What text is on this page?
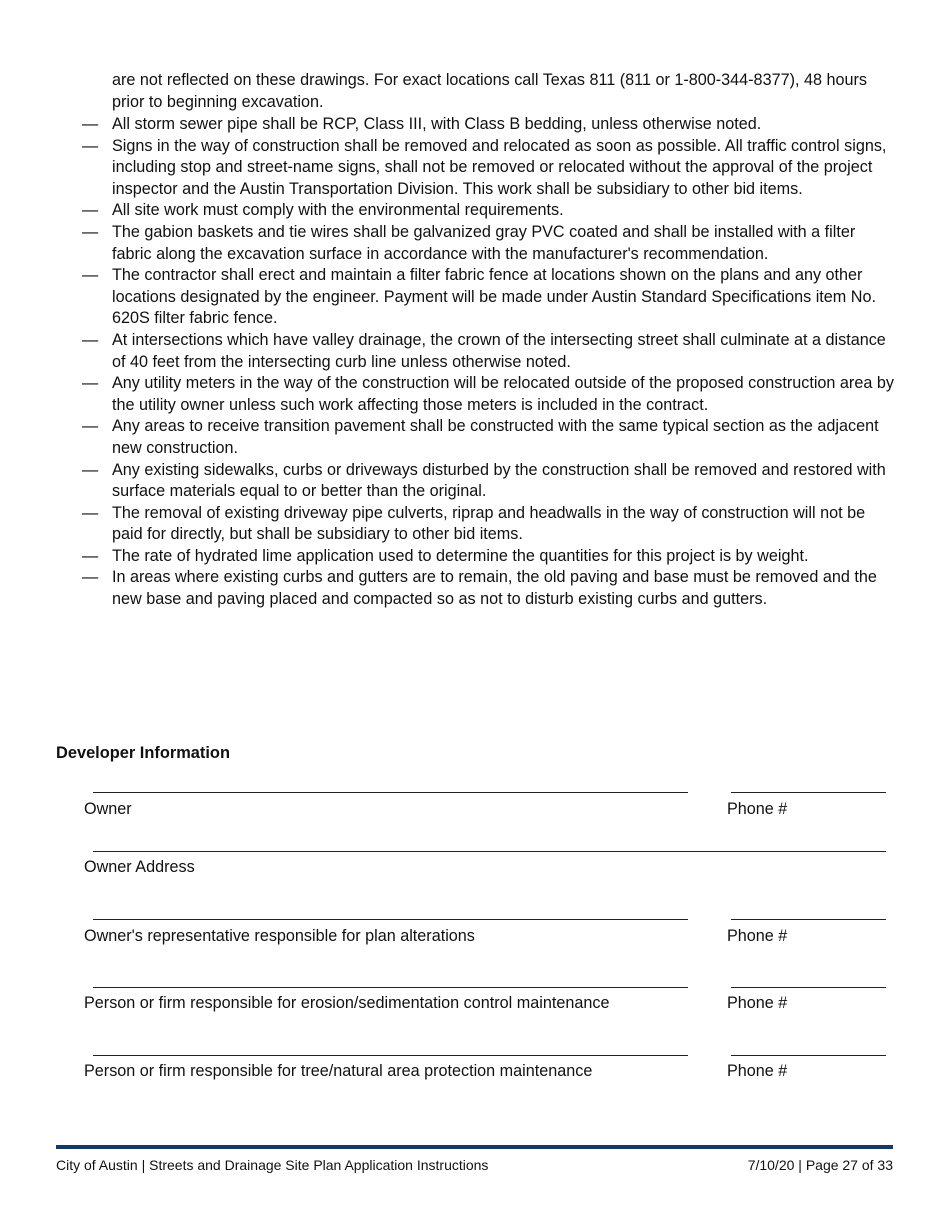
are not reflected on these drawings. For exact locations call Texas 811 (811 or 1-800-344-8377), 48 hours prior to beginning excavation.
— All storm sewer pipe shall be RCP, Class III, with Class B bedding, unless otherwise noted.
— Signs in the way of construction shall be removed and relocated as soon as possible. All traffic control signs, including stop and street-name signs, shall not be removed or relocated without the approval of the project inspector and the Austin Transportation Division. This work shall be subsidiary to other bid items.
— All site work must comply with the environmental requirements.
— The gabion baskets and tie wires shall be galvanized gray PVC coated and shall be installed with a filter fabric along the excavation surface in accordance with the manufacturer's recommendation.
— The contractor shall erect and maintain a filter fabric fence at locations shown on the plans and any other locations designated by the engineer. Payment will be made under Austin Standard Specifications item No. 620S filter fabric fence.
— At intersections which have valley drainage, the crown of the intersecting street shall culminate at a distance of 40 feet from the intersecting curb line unless otherwise noted.
— Any utility meters in the way of the construction will be relocated outside of the proposed construction area by the utility owner unless such work affecting those meters is included in the contract.
— Any areas to receive transition pavement shall be constructed with the same typical section as the adjacent new construction.
— Any existing sidewalks, curbs or driveways disturbed by the construction shall be removed and restored with surface materials equal to or better than the original.
— The removal of existing driveway pipe culverts, riprap and headwalls in the way of construction will not be paid for directly, but shall be subsidiary to other bid items.
— The rate of hydrated lime application used to determine the quantities for this project is by weight.
— In areas where existing curbs and gutters are to remain, the old paving and base must be removed and the new base and paving placed and compacted so as not to disturb existing curbs and gutters.
Developer Information
Owner	Phone #
Owner Address
Owner's representative responsible for plan alterations	Phone #
Person or firm responsible for erosion/sedimentation control maintenance	Phone #
Person or firm responsible for tree/natural area protection maintenance	Phone #
City of Austin | Streets and Drainage Site Plan Application Instructions	7/10/20 | Page 27 of 33
